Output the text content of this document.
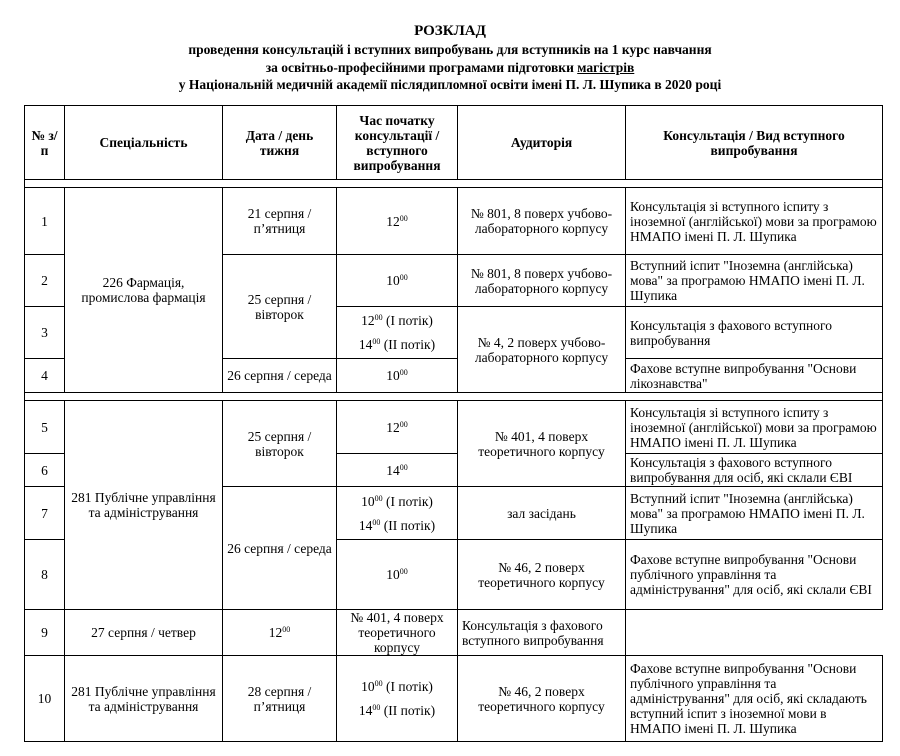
РОЗКЛАД
проведення консультацій і вступних випробувань для вступників на 1 курс навчання
за освітньо-професійними програмами підготовки магістрів
у Національній медичній академії післядипломної освіти імені П. Л. Шупика в 2020 році
№ з/п	Спеціальність	Дата / день тижня	Час початку консультації / вступного випробування	Аудиторія	Консультація / Вид вступного випробування

1	226 Фармація, промислова фармація	21 серпня / п’ятниця	$12^{00}$	№ 801, 8 поверх учбово-лабораторного корпусу	Консультація зі вступного іспиту з іноземної (англійської) мови за програмою НМАПО імені П. Л. Шупика
2		25 серпня / вівторок	$10^{00}$	№ 801, 8 поверх учбово-лабораторного корпусу	Вступний іспит "Іноземна (англійська) мова" за програмою НМАПО імені П. Л. Шупика
3			$12^{00}$ (І потік)
$14^{00}$ (ІІ потік)	№ 4, 2 поверх учбово-лабораторного корпусу	Консультація з фахового вступного випробування
4		26 серпня / середа	$10^{00}$		Фахове вступне випробування "Основи лікознавства"

5	281 Публічне управління та адміністрування	25 серпня / вівторок	$12^{00}$	№ 401, 4 поверх теоретичного корпусу	Консультація зі вступного іспиту з іноземної (англійської) мови за програмою НМАПО імені П. Л. Шупика
6			$14^{00}$		Консультація з фахового вступного випробування для осіб, які склали ЄВІ
7		26 серпня / середа	$10^{00}$ (І потік)
$14^{00}$ (ІІ потік)	зал засідань	Вступний іспит "Іноземна (англійська) мова" за програмою НМАПО імені П. Л. Шупика
8			$10^{00}$	№ 46, 2 поверх теоретичного корпусу	Фахове вступне випробування "Основи публічного управління та адміністрування" для осіб, які склали ЄВІ
9	27 серпня / четвер	$12^{00}$	№ 401, 4 поверх теоретичного корпусу	Консультація з фахового вступного випробування	
10	281 Публічне управління та адміністрування	28 серпня / п’ятниця	$10^{00}$ (І потік)
$14^{00}$ (ІІ потік)	№ 46, 2 поверх теоретичного корпусу	Фахове вступне випробування "Основи публічного управління та адміністрування" для осіб, які складають вступний іспит з іноземної мови в НМАПО імені П. Л. Шупика
